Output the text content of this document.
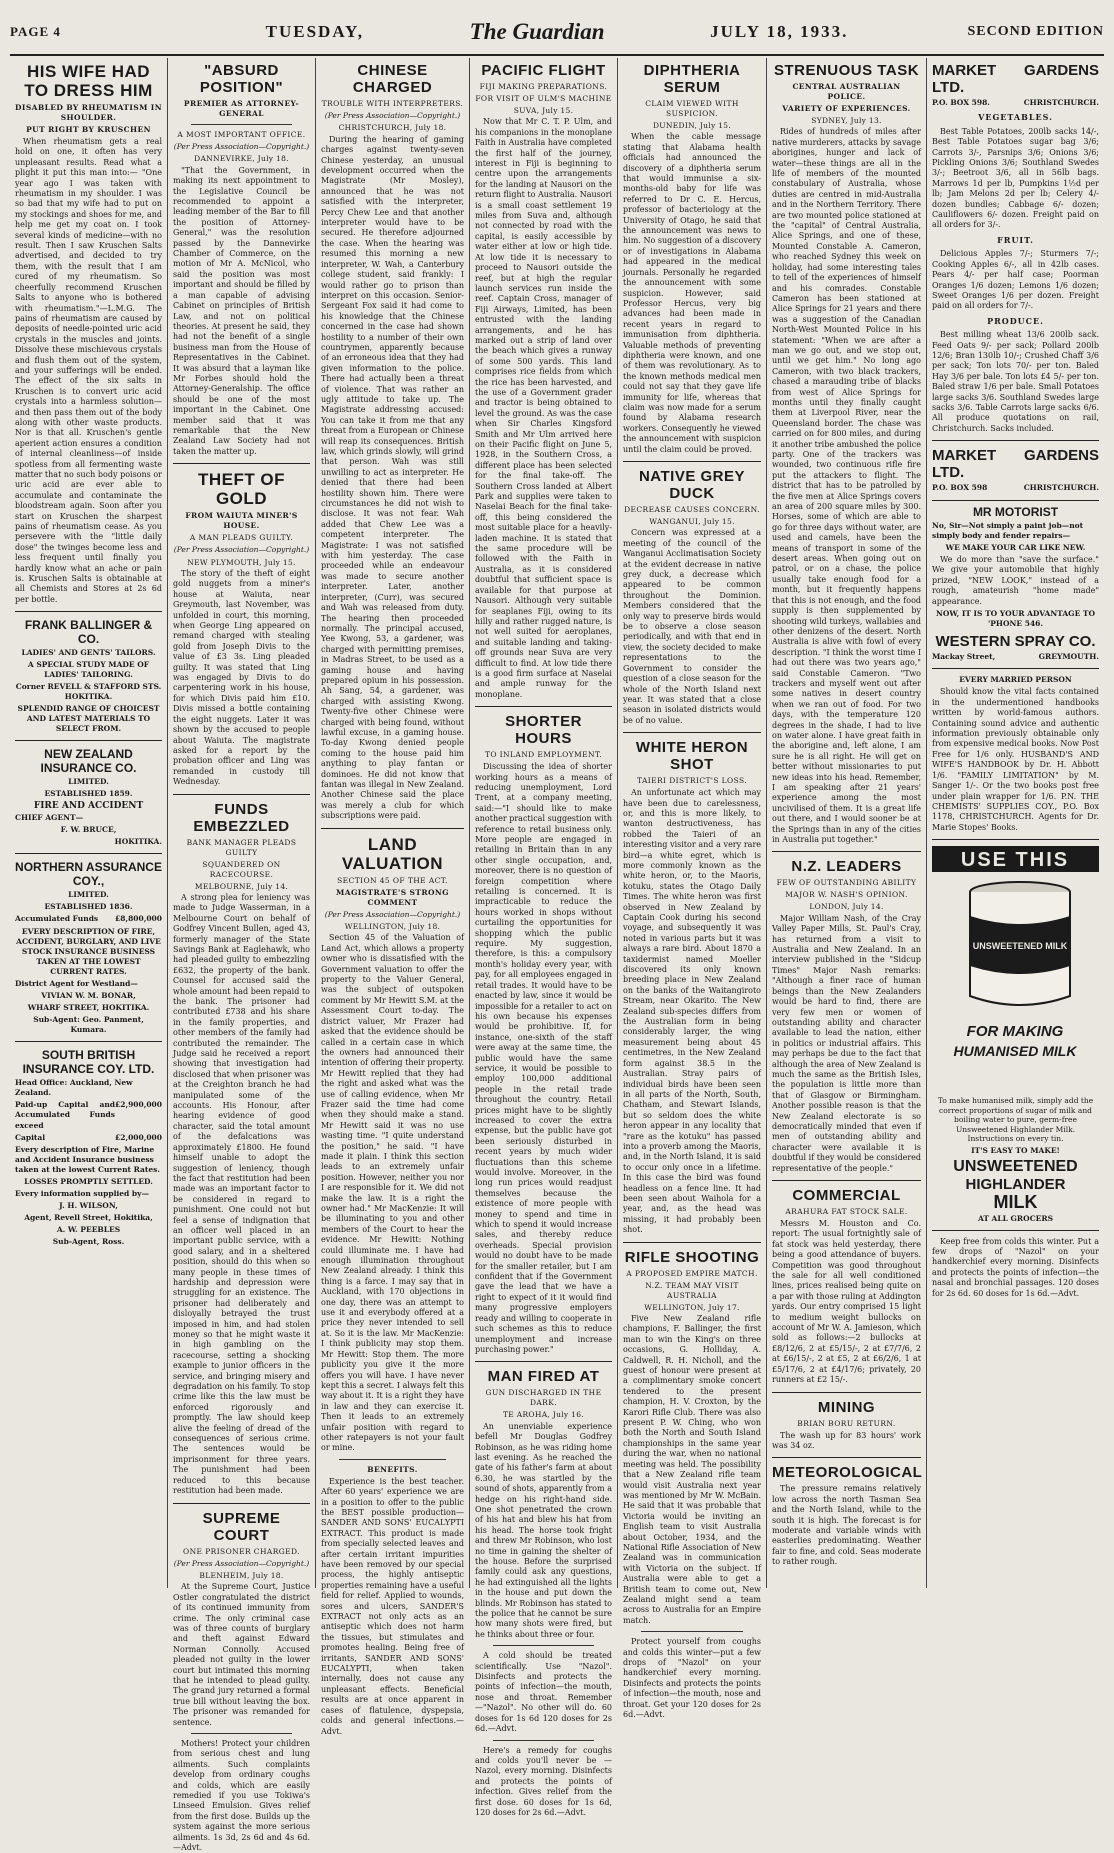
PAGE 4	TUESDAY,	The Guardian	JULY 18, 1933.	SECOND EDITION
HIS WIFE HAD TO DRESS HIM
DISABLED BY RHEUMATISM IN SHOULDER.
PUT RIGHT BY KRUSCHEN

When rheumatism gets a real hold on one, it often has very unpleasant results. Read what a plight it put this man into:— "One year ago I was taken with rheumatism in my shoulder. I was so bad that my wife had to put on my stockings and shoes for me, and help me get my coat on. I took several kinds of medicine—with no result. Then I saw Kruschen Salts advertised, and decided to try them, with the result that I am cured of my rheumatism. So cheerfully recommend Kruschen Salts to anyone who is bothered with rheumatism."—L.M.G. The pains of rheumatism are caused by deposits of needle-pointed uric acid crystals in the muscles and joints. Dissolve these mischievous crystals and flush them out of the system, and your sufferings will be ended. The effect of the six salts in Kruschen is to convert uric acid crystals into a harmless solution—and then pass them out of the body along with other waste products. Nor is that all. Kruschen's gentle aperient action ensures a condition of internal cleanliness—of inside spotless from all fermenting waste matter that no such body poisons or uric acid are ever able to accumulate and contaminate the bloodstream again. Soon after you start on Kruschen the sharpest pains of rheumatism cease. As you persevere with the "little daily dose" the twinges become less and less frequent until finally you hardly know what an ache or pain is. Kruschen Salts is obtainable at all Chemists and Stores at 2s 6d per bottle.

FRANK BALLINGER & CO.
LADIES' AND GENTS' TAILORS.
A SPECIAL STUDY MADE OF LADIES' TAILORING.
Corner REVELL & STAFFORD STS. HOKITIKA.
SPLENDID RANGE OF CHOICEST AND LATEST MATERIALS TO SELECT FROM.
NEW ZEALAND INSURANCE CO.
LIMITED.
ESTABLISHED 1859.
FIRE AND ACCIDENT
CHIEF AGENT—
F. W. BRUCE,
HOKITIKA.
NORTHERN ASSURANCE COY.,
LIMITED.
ESTABLISHED 1836.
Accumulated Funds £8,800,000
EVERY DESCRIPTION OF FIRE, ACCIDENT, BURGLARY, AND LIVE STOCK INSURANCE BUSINESS TAKEN AT THE LOWEST CURRENT RATES.
District Agent for Westland—
VIVIAN W. M. BONAR,
WHARF STREET, HOKITIKA.
Sub-Agent: Geo. Panment, Kumara.
SOUTH BRITISH INSURANCE COY. LTD.
Head Office: Auckland, New Zealand.
Paid-up Capital and Accumulated Funds exceed
£2,900,000
Capital	£2,000,000
Every description of Fire, Marine and Accident Insurance business taken at the lowest Current Rates.
LOSSES PROMPTLY SETTLED.
Every information supplied by—
J. H. WILSON,
Agent, Revell Street, Hokitika,
A. W. PEEBLES
Sub-Agent, Ross.
"ABSURD POSITION"
PREMIER AS ATTORNEY-GENERAL
A MOST IMPORTANT OFFICE.
(Per Press Association—Copyright.)
DANNEVIRKE, July 18.

"That the Government, in making its next appointment to the Legislative Council be recommended to appoint a leading member of the Bar to fill the position of Attorney-General," was the resolution passed by the Dannevirke Chamber of Commerce, on the motion of Mr A. McNicol, who said the position was most important and should be filled by a man capable of advising Cabinet on principles of British Law, and not on political theories. At present he said, they had not the benefit of a single business man from the House of Representatives in the Cabinet. It was absurd that a layman like Mr Forbes should hold the Attorney-Generalship. The office should be one of the most important in the Cabinet. One member said that it was remarkable that the New Zealand Law Society had not taken the matter up.

THEFT OF GOLD
FROM WAIUTA MINER'S HOUSE.
A MAN PLEADS GUILTY.
(Per Press Association—Copyright.)
NEW PLYMOUTH, July 15.

The story of the theft of eight gold nuggets from a miner's house at Waiuta, near Greymouth, last November, was unfolded in court, this morning, when George Ling appeared on remand charged with stealing gold from Joseph Divis to the value of £3 3s. Ling pleaded guilty. It was stated that Ling was engaged by Divis to do carpentering work in his house, for which Divis paid him £10. Divis missed a bottle containing the eight nuggets. Later it was shown by the accused to people about Waiuta. The magistrate asked for a report by the probation officer and Ling was remanded in custody till Wednesday.

FUNDS EMBEZZLED
BANK MANAGER PLEADS GUILTY
SQUANDERED ON RACECOURSE.
MELBOURNE, July 14.

A strong plea for leniency was made to Judge Wasserman, in a Melbourne Court on behalf of Godfrey Vincent Bullen, aged 43, formerly manager of the State Savings Bank at Eaglehawk, who had pleaded guilty to embezzling £632, the property of the bank. Counsel for accused said the whole amount had been repaid to the bank. The prisoner had contributed £738 and his share in the family properties, and other members of the family had contributed the remainder. The Judge said he received a report showing that investigation had disclosed that when prisoner was at the Creighton branch he had manipulated some of the accounts. His Honour, after hearing evidence of good character, said the total amount of the defalcations was approximately £1800. He found himself unable to adopt the suggestion of leniency, though the fact that restitution had been made was an important factor to be considered in regard to punishment. One could not but feel a sense of indignation that an officer well placed in an important public service, with a good salary, and in a sheltered position, should do this when so many people in these times of hardship and depression were struggling for an existence. The prisoner had deliberately and disloyally betrayed the trust imposed in him, and had stolen money so that he might waste it in high gambling on the racecourse, setting a shocking example to junior officers in the service, and bringing misery and degradation on his family. To stop crime like this the law must be enforced rigorously and promptly. The law should keep alive the feeling of dread of the consequences of serious crime. The sentences would be imprisonment for three years. The punishment had been reduced to this because restitution had been made.

SUPREME COURT
ONE PRISONER CHARGED.
(Per Press Association—Copyright.)
BLENHEIM, July 18.

At the Supreme Court, Justice Ostler congratulated the district of its continued immunity from crime. The only criminal case was of three counts of burglary and theft against Edward Norman Connolly. Accused pleaded not guilty in the lower court but intimated this morning that he intended to plead guilty. The grand jury returned a formal true bill without leaving the box. The prisoner was remanded for sentence.

Mothers! Protect your children from serious chest and lung ailments. Such complaints develop from ordinary coughs and colds, which are easily remedied if you use Tokiwa's Linseed Emulsion. Gives relief from the first dose. Builds up the system against the more serious ailments. 1s 3d, 2s 6d and 4s 6d.—Advt.

CHINESE CHARGED
TROUBLE WITH INTERPRETERS.
(Per Press Association—Copyright.)
CHRISTCHURCH, July 18.

During the hearing of gaming charges against twenty-seven Chinese yesterday, an unusual development occurred when the Magistrate (Mr Mosley), announced that he was not satisfied with the interpreter, Percy Chew Lee and that another interpreter would have to be secured. He therefore adjourned the case. When the hearing was resumed this morning a new interpreter, W. Wah, a Canterbury college student, said frankly: I would rather go to prison than interpret on this occasion. Senior-Sergeant Fox said it had come to his knowledge that the Chinese concerned in the case had shown hostility to a number of their own countrymen, apparently because of an erroneous idea that they had given information to the police. There had actually been a threat of violence. That was rather an ugly attitude to take up. The Magistrate addressing accused: You can take it from me that any threat from a European or Chinese will reap its consequences. British law, which grinds slowly, will grind that person. Wah was still unwilling to act as interpreter. He denied that there had been hostility shown him. There were circumstances he did not wish to disclose. It was not fear. Wah added that Chew Lee was a competent interpreter. The Magistrate: I was not satisfied with him yesterday. The case proceeded while an endeavour was made to secure another interpreter. Later, another interpreter, (Curr), was secured and Wah was released from duty. The hearing then proceeded normally. The principal accused, Yee Kwong, 53, a gardener, was charged with permitting premises, in Madras Street, to be used as a gaming house and having prepared opium in his possession. Ah Sang, 54, a gardener, was charged with assisting Kwong. Twenty-five other Chinese were charged with being found, without lawful excuse, in a gaming house. To-day Kwong denied people coming to the house paid him anything to play fantan or dominoes. He did not know that fantan was illegal in New Zealand. Another Chinese said the place was merely a club for which subscriptions were paid.

LAND VALUATION
SECTION 45 OF THE ACT.
MAGISTRATE'S STRONG COMMENT
(Per Press Association—Copyright.)
WELLINGTON, July 18.

Section 45 of the Valuation of Land Act, which allows a property owner who is dissatisfied with the Government valuation to offer the property to the Valuer General, was the subject of outspoken comment by Mr Hewitt S.M. at the Assessment Court to-day. The district valuer, Mr Frazer had asked that the evidence should be called in a certain case in which the owners had announced their intention of offering their property. Mr Hewitt replied that they had the right and asked what was the use of calling evidence, when Mr Frazer said the time had come when they should make a stand. Mr Hewitt said it was no use wasting time. "I quite understand the position," he said. "I have made it plain. I think this section leads to an extremely unfair position. However, neither you nor I are responsible for it. We did not make the law. It is a right the owner had." Mr MacKenzie: It will be illuminating to you and other members of the Court to hear the evidence. Mr Hewitt: Nothing could illuminate me. I have had enough illumination throughout New Zealand already. I think this thing is a farce. I may say that in Auckland, with 170 objections in one day, there was an attempt to use it and everybody offered at a price they never intended to sell at. So it is the law. Mr MacKenzie: I think publicity may stop them. Mr Hewitt: Stop them. The more publicity you give it the more offers you will have. I have never kept this a secret. I always felt this way about it. It is a right they have in law and they can exercise it. Then it leads to an extremely unfair position with regard to other ratepayers is not your fault or mine.

BENEFITS.

Experience is the best teacher. After 60 years' experience we are in a position to offer to the public the BEST possible production—SANDER AND SONS' EUCALYPTI EXTRACT. This product is made from specially selected leaves and after certain irritant impurities have been removed by our special process, the highly antiseptic properties remaining have a useful field for relief. Applied to wounds, sores and ulcers, SANDER'S EXTRACT not only acts as an antiseptic which does not harm the tissues, but stimulates and promotes healing. Being free of irritants, SANDER AND SONS' EUCALYPTI, when taken internally, does not cause any unpleasant effects. Beneficial results are at once apparent in cases of flatulence, dyspepsia, colds and general infections.—Advt.

PACIFIC FLIGHT
FIJI MAKING PREPARATIONS.
FOR VISIT OF ULM'S MACHINE
SUVA, July 15.

Now that Mr C. T. P. Ulm, and his companions in the monoplane Faith in Australia have completed the first half of the journey, interest in Fiji is beginning to centre upon the arrangements for the landing at Nausori on the return flight to Australia. Nausori is a small coast settlement 19 miles from Suva and, although not connected by road with the capital, is easily accessible by water either at low or high tide. At low tide it is necessary to proceed to Nausori outside the reef, but at high the regular launch services run inside the reef. Captain Cross, manager of Fiji Airways, Limited, has been entrusted with the landing arrangements, and he has marked out a strip of land over the beach which gives a runway of some 500 yards. This land comprises rice fields from which the rice has been harvested, and the use of a Government grader and tractor is being obtained to level the ground. As was the case when Sir Charles Kingsford Smith and Mr Ulm arrived here on their Pacific flight on June 5, 1928, in the Southern Cross, a different place has been selected for the final take-off. The Southern Cross landed at Albert Park and supplies were taken to Naselai Beach for the final take-off, this being considered the most suitable place for a heavily-laden machine. It is stated that the same procedure will be followed with the Faith in Australia, as it is considered doubtful that sufficient space is available for that purpose at Nausori. Although very suitable for seaplanes Fiji, owing to its hilly and rather rugged nature, is not well suited for aeroplanes, and suitable landing and taking-off grounds near Suva are very difficult to find. At low tide there is a good firm surface at Naselai and ample runway for the monoplane.

SHORTER HOURS
TO INLAND EMPLOYMENT.

Discussing the idea of shorter working hours as a means of reducing unemployment, Lord Trent, at a company meeting, said:—"I should like to make another practical suggestion with reference to retail business only. More people are engaged in retailing in Britain than in any other single occupation, and, moreover, there is no question of foreign competition where retailing is concerned. It is impracticable to reduce the hours worked in shops without curtailing the opportunities for shopping which the public require. My suggestion, therefore, is this: a compulsory month's holiday every year, with pay, for all employees engaged in retail trades. It would have to be enacted by law, since it would be impossible for a retailer to act on his own because his expenses would be prohibitive. If, for instance, one-sixth of the staff were away at the same time, the public would have the same service, it would be possible to employ 100,000 additional people in the retail trade throughout the country. Retail prices might have to be slightly increased to cover the extra expense, but the public have got been seriously disturbed in recent years by much wider fluctuations than this scheme would involve. Moreover, in the long run prices would readjust themselves because the existence of more people with money to spend and time in which to spend it would increase sales, and thereby reduce overheads. Special provision would no doubt have to be made for the smaller retailer, but I am confident that if the Government gave the lead that we have a right to expect of it it would find many progressive employers ready and willing to cooperate in such schemes as this to reduce unemployment and increase purchasing power."

MAN FIRED AT
GUN DISCHARGED IN THE DARK.
TE AROHA, July 16.

An unenviable experience befell Mr Douglas Godfrey Robinson, as he was riding home last evening. As he reached the gate of his father's farm at about 6.30, he was startled by the sound of shots, apparently from a hedge on his right-hand side. One shot penetrated the crown of his hat and blew his hat from his head. The horse took fright and threw Mr Robinson, who lost no time in gaining the shelter of the house. Before the surprised family could ask any questions, he had extinguished all the lights in the house and put down the blinds. Mr Robinson has stated to the police that he cannot be sure how many shots were fired, but he thinks about three or four.

A cold should be treated scientifically. Use "Nazol". Disinfects and protects the points of infection—the mouth, nose and throat. Remember—"Nazol". No other will do. 60 doses for 1s 6d 120 doses for 2s 6d.—Advt.

Here's a remedy for coughs and colds you'll never be — Nazol, every morning. Disinfects and protects the points of infection. Gives relief from the first dose. 60 doses for 1s 6d, 120 doses for 2s 6d.—Advt.

DIPHTHERIA SERUM
CLAIM VIEWED WITH SUSPICION.
DUNEDIN, July 15.

When the cable message stating that Alabama health officials had announced the discovery of a diphtheria serum that would immunise a six-months-old baby for life was referred to Dr C. E. Hercus, professor of bacteriology at the University of Otago, he said that the announcement was news to him. No suggestion of a discovery or of investigations in Alabama had appeared in the medical journals. Personally he regarded the announcement with some suspicion. However, said Professor Hercus, very big advances had been made in recent years in regard to immunisation from diphtheria. Valuable methods of preventing diphtheria were known, and one of them was revolutionary. As to the known methods medical men could not say that they gave life immunity for life, whereas that claim was now made for a serum found by Alabama research workers. Consequently he viewed the announcement with suspicion until the claim could be proved.

NATIVE GREY DUCK
DECREASE CAUSES CONCERN.
WANGANUI, July 15.

Concern was expressed at a meeting of the council of the Wanganui Acclimatisation Society at the evident decrease in native grey duck, a decrease which appeared to be common throughout the Dominion. Members considered that the only way to preserve birds would be to observe a close season periodically, and with that end in view, the society decided to make representations to the Government to consider the question of a close season for the whole of the North Island next year. It was stated that a close season in isolated districts would be of no value.

WHITE HERON SHOT
TAIERI DISTRICT'S LOSS.

An unfortunate act which may have been due to carelessness, or, and this is more likely, to wanton destructiveness, has robbed the Taieri of an interesting visitor and a very rare bird—a white egret, which is more commonly known as the white heron, or, to the Maoris, kotuku, states the Otago Daily Times. The white heron was first observed in New Zealand by Captain Cook during his second voyage, and subsequently it was noted in various parts but it was always a rare bird. About 1870 a taxidermist named Moeller discovered its only known breeding place in New Zealand on the banks of the Waitangiroto Stream, near Okarito. The New Zealand sub-species differs from the Australian form in being considerably larger, the wing measurement being about 45 centimetres, in the New Zealand form against 38.5 in the Australian. Stray pairs of individual birds have been seen in all parts of the North, South, Chatham, and Stewart Islands, but so seldom does the white heron appear in any locality that "rare as the kotuku" has passed into a proverb among the Maoris, and, in the North Island, it is said to occur only once in a lifetime. In this case the bird was found headless on a fence line. It had been seen about Waihola for a year, and, as the head was missing, it had probably been shot.

RIFLE SHOOTING
A PROPOSED EMPIRE MATCH.
N.Z. TEAM MAY VISIT AUSTRALIA
WELLINGTON, July 17.

Five New Zealand rifle champions, F. Ballinger, the first man to win the King's on three occasions, G. Holliday, A. Caldwell, R. H. Nicholl, and the guest of honour were present at a complimentary smoke concert tendered to the present champion, H. V. Croxton, by the Karori Rifle Club. There was also present P. W. Ching, who won both the North and South Island championships in the same year during the war, when no national meeting was held. The possibility that a New Zealand rifle team would visit Australia next year was mentioned by Mr W. McBain. He said that it was probable that Victoria would be inviting an English team to visit Australia about October, 1934, and the National Rifle Association of New Zealand was in communication with Victoria on the subject. If Australia were able to get a British team to come out, New Zealand might send a team across to Australia for an Empire match.

Protect yourself from coughs and colds this winter—put a few drops of "Nazol" on your handkerchief every morning. Disinfects and protects the points of infection—the mouth, nose and throat. Get your 120 doses for 2s 6d.—Advt.

STRENUOUS TASK
CENTRAL AUSTRALIAN POLICE.
VARIETY OF EXPERIENCES.
SYDNEY, July 13.

Rides of hundreds of miles after native murderers, attacks by savage aborigines, hunger and lack of water—these things are all in the life of members of the mounted constabulary of Australia, whose duties are centred in mid-Australia and in the Northern Territory. There are two mounted police stationed at the "capital" of Central Australia, Alice Springs, and one of these, Mounted Constable A. Cameron, who reached Sydney this week on holiday, had some interesting tales to tell of the experiences of himself and his comrades. Constable Cameron has been stationed at Alice Springs for 21 years and there was a suggestion of the Canadian North-West Mounted Police in his statement: "When we are after a man we go out, and we stop out, until we get him." No long ago Cameron, with two black trackers, chased a marauding tribe of blacks from west of Alice Springs for months until they finally caught them at Liverpool River, near the Queensland border. The chase was carried on for 800 miles, and during it another tribe ambushed the police party. One of the trackers was wounded, two continuous rifle fire put the attackers to flight. The district that has to be patrolled by the five men at Alice Springs covers an area of 200 square miles by 300. Horses, some of which are able to go for three days without water, are used and camels, have been the means of transport in some of the desert areas. When going out on patrol, or on a chase, the police usually take enough food for a month, but it frequently happens that this is not enough, and the food supply is then supplemented by shooting wild turkeys, wallabies and other denizens of the desert. North Australia is alive with fowl of every description. "I think the worst time I had out there was two years ago," said Constable Cameron. "Two trackers and myself went out after some natives in desert country when we ran out of food. For two days, with the temperature 120 degrees in the shade, I had to live on water alone. I have great faith in the aborigine and, left alone, I am sure he is all right. He will get on better without missionaries to put new ideas into his head. Remember, I am speaking after 21 years' experience among the most uncivilised of them. It is a great life out there, and I would sooner be at the Springs than in any of the cities in Australia put together."

N.Z. LEADERS
FEW OF OUTSTANDING ABILITY
MAJOR W. NASH'S OPINION.
LONDON, July 14.

Major William Nash, of the Cray Valley Paper Mills, St. Paul's Cray, has returned from a visit to Australia and New Zealand. In an interview published in the "Sidcup Times" Major Nash remarks: "Although a finer race of human beings than the New Zealanders would be hard to find, there are very few men or women of outstanding ability and character available to lead the nation, either in politics or industrial affairs. This may perhaps be due to the fact that although the area of New Zealand is much the same as the British Isles, the population is little more than that of Glasgow or Birmingham. Another possible reason is that the New Zealand electorate is so democratically minded that even if men of outstanding ability and character were available it is doubtful if they would be considered representative of the people."

COMMERCIAL
ARAHURA FAT STOCK SALE.

Messrs M. Houston and Co. report: The usual fortnightly sale of fat stock was held yesterday, there being a good attendance of buyers. Competition was good throughout the sale for all well conditioned lines, prices realised being quite on a par with those ruling at Addington yards. Our entry comprised 15 light to medium weight bullocks on account of Mr W. A. Jamieson, which sold as follows:—2 bullocks at £8/12/6, 2 at £5/15/-, 2 at £7/7/6, 2 at £6/15/-, 2 at £5, 2 at £6/2/6, 1 at £5/17/6, 2 at £4/17/6; privately, 20 runners at £2 15/-.

MINING
BRIAN BORU RETURN.

The wash up for 83 hours' work was 34 oz.

METEOROLOGICAL

The pressure remains relatively low across the north Tasman Sea and the North Island, while to the south it is high. The forecast is for moderate and variable winds with easterlies predominating. Weather fair to fine, and cold. Seas moderate to rather rough.

MARKET GARDENS LTD.
P.O. BOX 598.	CHRISTCHURCH.
VEGETABLES.

Best Table Potatoes, 200lb sacks 14/-, Best Table Potatoes sugar bag 3/6; Carrots 3/-, Parsnips 3/6; Onions 3/6; Pickling Onions 3/6; Southland Swedes 3/-; Beetroot 3/6, all in 56lb bags. Marrows 1d per lb, Pumpkins 1½d per lb; Jam Melons 2d per lb; Celery 4/- dozen bundles; Cabbage 6/- dozen; Cauliflowers 6/- dozen. Freight paid on all orders for 3/-.

FRUIT.

Delicious Apples 7/-; Sturmers 7/-; Cooking Apples 6/-, all in 42lb cases. Pears 4/- per half case; Poorman Oranges 1/6 dozen; Lemons 1/6 dozen; Sweet Oranges 1/6 per dozen. Freight paid on all orders for 7/-.

PRODUCE.

Best milling wheat 13/6 200lb sack. Feed Oats 9/- per sack; Pollard 200lb 12/6; Bran 130lb 10/-; Crushed Chaff 3/6 per sack; Ton lots 70/- per ton. Baled Hay 3/6 per bale. Ton lots £4 5/- per ton. Baled straw 1/6 per bale. Small Potatoes large sacks 3/6. Southland Swedes large sacks 3/6. Table Carrots large sacks 6/6. All produce quotations on rail, Christchurch. Sacks included.

MARKET GARDENS LTD.
P.O. BOX 598	CHRISTCHURCH.
MR MOTORIST
No, Sir—Not simply a paint job—not simply body and fender repairs—
WE MAKE YOUR CAR LIKE NEW.

We do more than "save the surface." We give your automobile that highly prized, "NEW LOOK," instead of a rough, amateurish "home made" appearance.

NOW, IT IS TO YOUR ADVANTAGE TO 'PHONE 546.
WESTERN SPRAY CO.
Mackay Street,	GREYMOUTH.
EVERY MARRIED PERSON

Should know the vital facts contained in the undermentioned handbooks written by world-famous authors. Containing sound advice and authentic information previously obtainable only from expensive medical books. Now Post Free for 1/6 only. HUSBAND'S AND WIFE'S HANDBOOK by Dr. H. Abbott 1/6. "FAMILY LIMITATION" by M. Sanger 1/-. Or the two books post free under plain wrapper for 1/6. P.N. THE CHEMISTS' SUPPLIES COY., P.O. Box 1178, CHRISTCHURCH. Agents for Dr. Marie Stopes' Books.

USE THIS
UNSWEETENED MILK
FOR MAKING
HUMANISED MILK
To make humanised milk, simply add the correct proportions of sugar of milk and boiling water to pure, germ-free Unsweetened Highlander Milk. Instructions on every tin.
IT'S EASY TO MAKE!
UNSWEETENED
HIGHLANDER
MILK
AT ALL GROCERS

Keep free from colds this winter. Put a few drops of "Nazol" on your handkerchief every morning. Disinfects and protects the points of infection—the nasal and bronchial passages. 120 doses for 2s 6d. 60 doses for 1s 6d.—Advt.
